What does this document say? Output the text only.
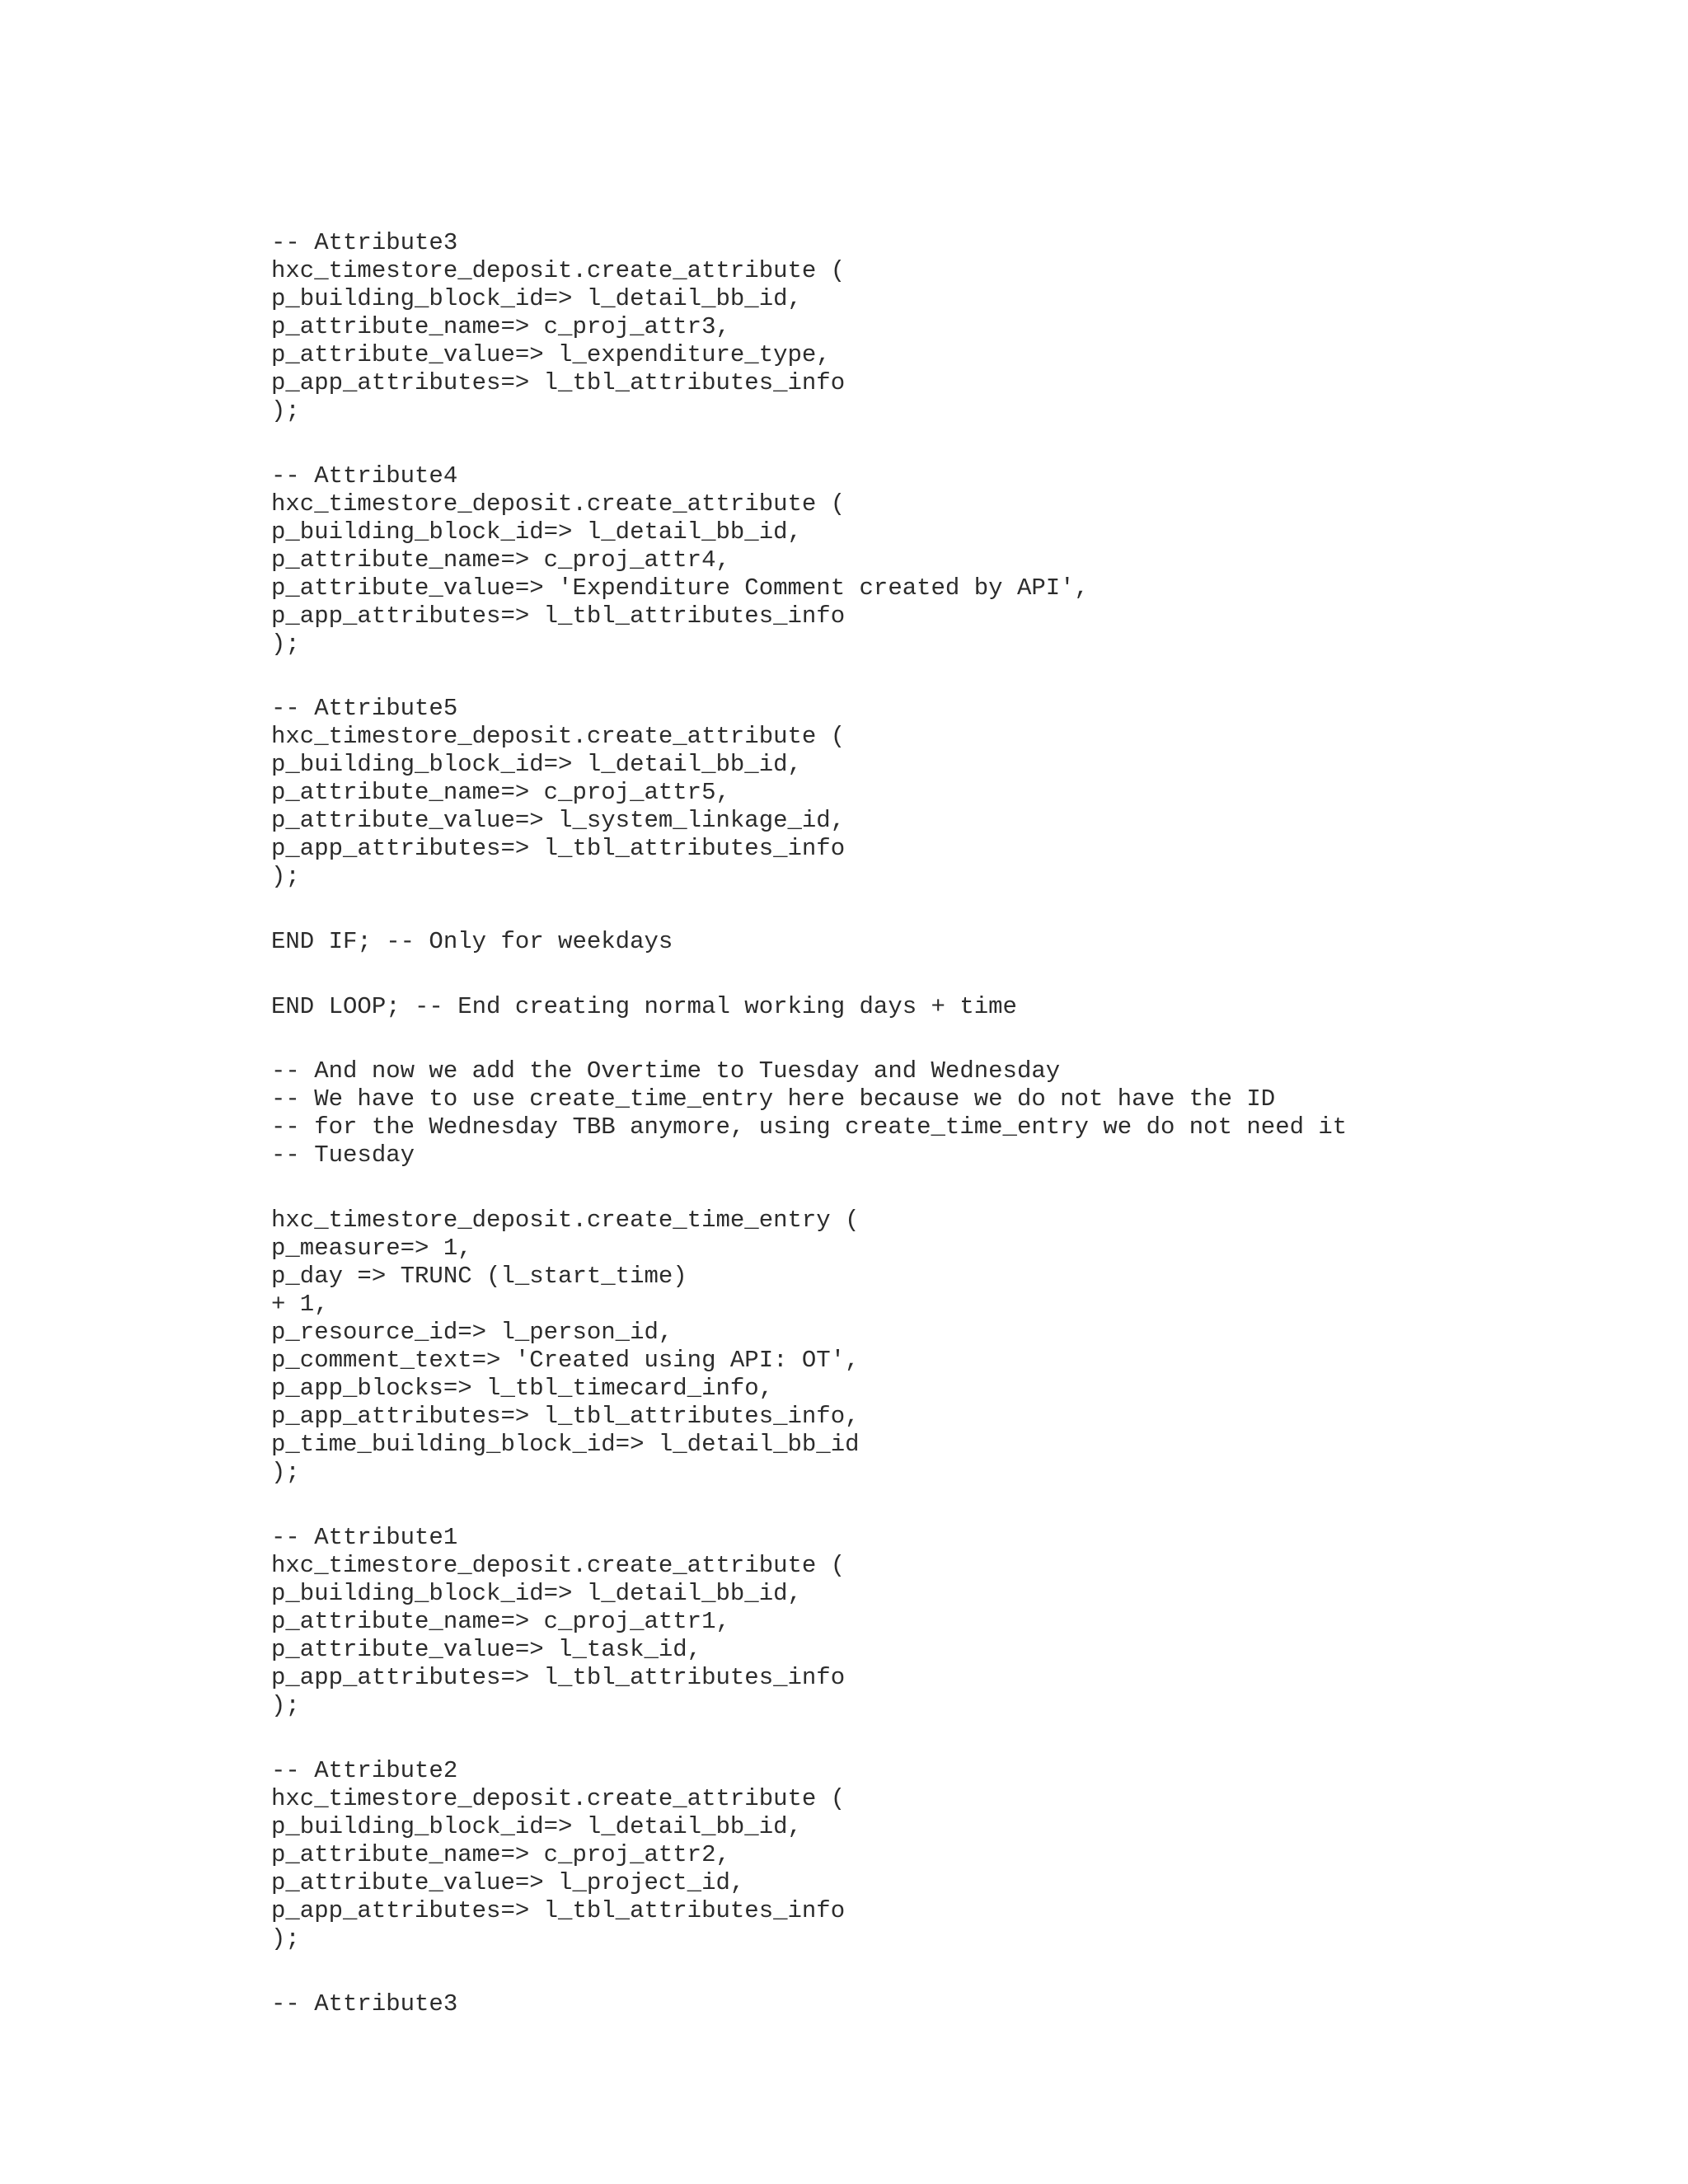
-- Attribute3
hxc_timestore_deposit.create_attribute (
p_building_block_id=> l_detail_bb_id,
p_attribute_name=> c_proj_attr3,
p_attribute_value=> l_expenditure_type,
p_app_attributes=> l_tbl_attributes_info
);
-- Attribute4
hxc_timestore_deposit.create_attribute (
p_building_block_id=> l_detail_bb_id,
p_attribute_name=> c_proj_attr4,
p_attribute_value=> 'Expenditure Comment created by API',
p_app_attributes=> l_tbl_attributes_info
);
-- Attribute5
hxc_timestore_deposit.create_attribute (
p_building_block_id=> l_detail_bb_id,
p_attribute_name=> c_proj_attr5,
p_attribute_value=> l_system_linkage_id,
p_app_attributes=> l_tbl_attributes_info
);
END IF; -- Only for weekdays
END LOOP; -- End creating normal working days + time
-- And now we add the Overtime to Tuesday and Wednesday
-- We have to use create_time_entry here because we do not have the ID
-- for the Wednesday TBB anymore, using create_time_entry we do not need it
-- Tuesday
hxc_timestore_deposit.create_time_entry (
p_measure=> 1,
p_day => TRUNC (l_start_time)
+ 1,
p_resource_id=> l_person_id,
p_comment_text=> 'Created using API: OT',
p_app_blocks=> l_tbl_timecard_info,
p_app_attributes=> l_tbl_attributes_info,
p_time_building_block_id=> l_detail_bb_id
);
-- Attribute1
hxc_timestore_deposit.create_attribute (
p_building_block_id=> l_detail_bb_id,
p_attribute_name=> c_proj_attr1,
p_attribute_value=> l_task_id,
p_app_attributes=> l_tbl_attributes_info
);
-- Attribute2
hxc_timestore_deposit.create_attribute (
p_building_block_id=> l_detail_bb_id,
p_attribute_name=> c_proj_attr2,
p_attribute_value=> l_project_id,
p_app_attributes=> l_tbl_attributes_info
);
-- Attribute3
